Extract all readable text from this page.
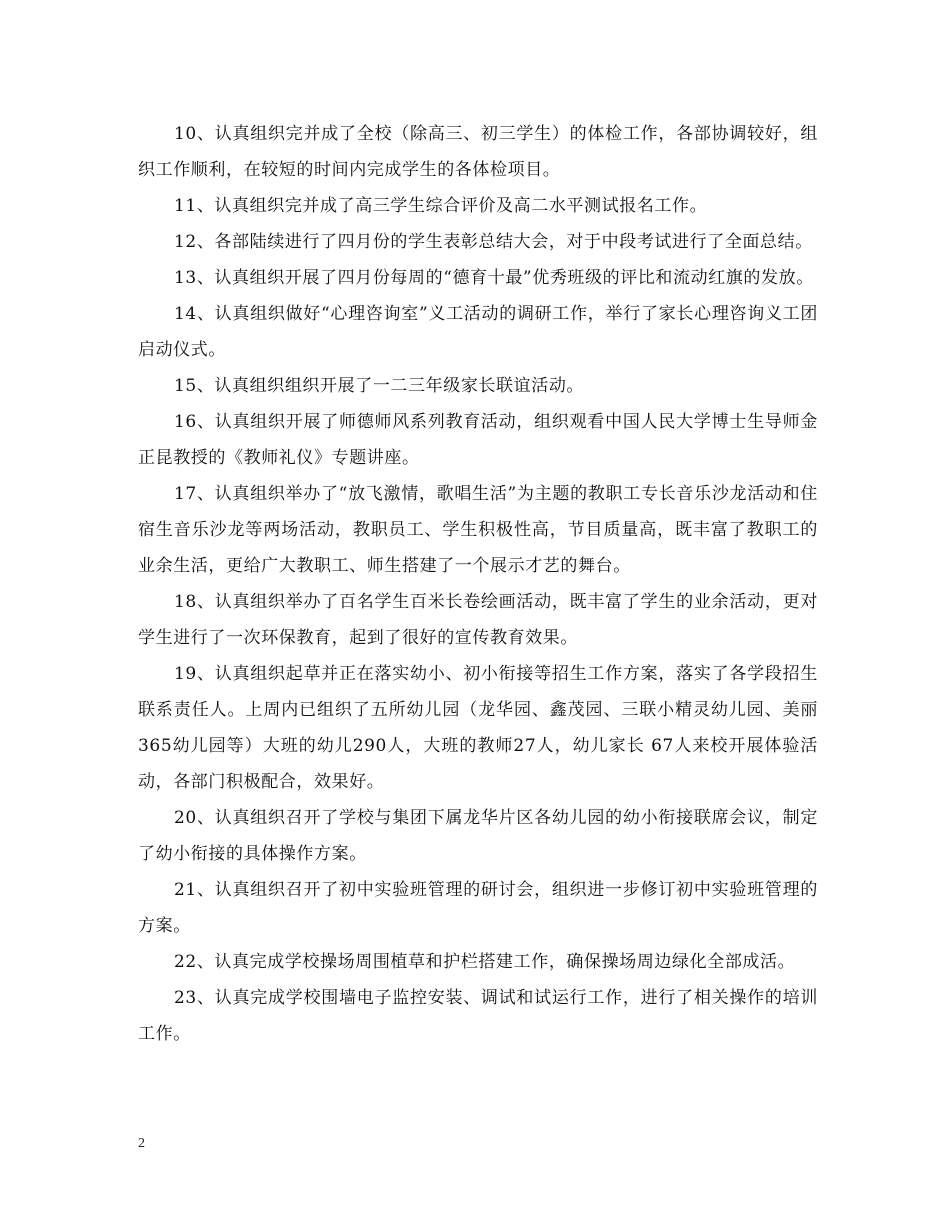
10、认真组织完并成了全校（除高三、初三学生）的体检工作，各部协调较好，组织工作顺利，在较短的时间内完成学生的各体检项目。

11、认真组织完并成了高三学生综合评价及高二水平测试报名工作。

12、各部陆续进行了四月份的学生表彰总结大会，对于中段考试进行了全面总结。

13、认真组织开展了四月份每周的“德育十最”优秀班级的评比和流动红旗的发放。

14、认真组织做好“心理咨询室”义工活动的调研工作，举行了家长心理咨询义工团启动仪式。

15、认真组织组织开展了一二三年级家长联谊活动。

16、认真组织开展了师德师风系列教育活动，组织观看中国人民大学博士生导师金正昆教授的《教师礼仪》专题讲座。

17、认真组织举办了“放飞激情，歌唱生活”为主题的教职工专长音乐沙龙活动和住宿生音乐沙龙等两场活动，教职员工、学生积极性高，节目质量高，既丰富了教职工的业余生活，更给广大教职工、师生搭建了一个展示才艺的舞台。

18、认真组织举办了百名学生百米长卷绘画活动，既丰富了学生的业余活动，更对学生进行了一次环保教育，起到了很好的宣传教育效果。

19、认真组织起草并正在落实幼小、初小衔接等招生工作方案，落实了各学段招生联系责任人。上周内已组织了五所幼儿园（龙华园、鑫茂园、三联小精灵幼儿园、美丽365幼儿园等）大班的幼儿290人，大班的教师27人，幼儿家长 67人来校开展体验活动，各部门积极配合，效果好。

20、认真组织召开了学校与集团下属龙华片区各幼儿园的幼小衔接联席会议，制定了幼小衔接的具体操作方案。

21、认真组织召开了初中实验班管理的研讨会，组织进一步修订初中实验班管理的方案。

22、认真完成学校操场周围植草和护栏搭建工作，确保操场周边绿化全部成活。

23、认真完成学校围墙电子监控安装、调试和试运行工作，进行了相关操作的培训工作。

2
